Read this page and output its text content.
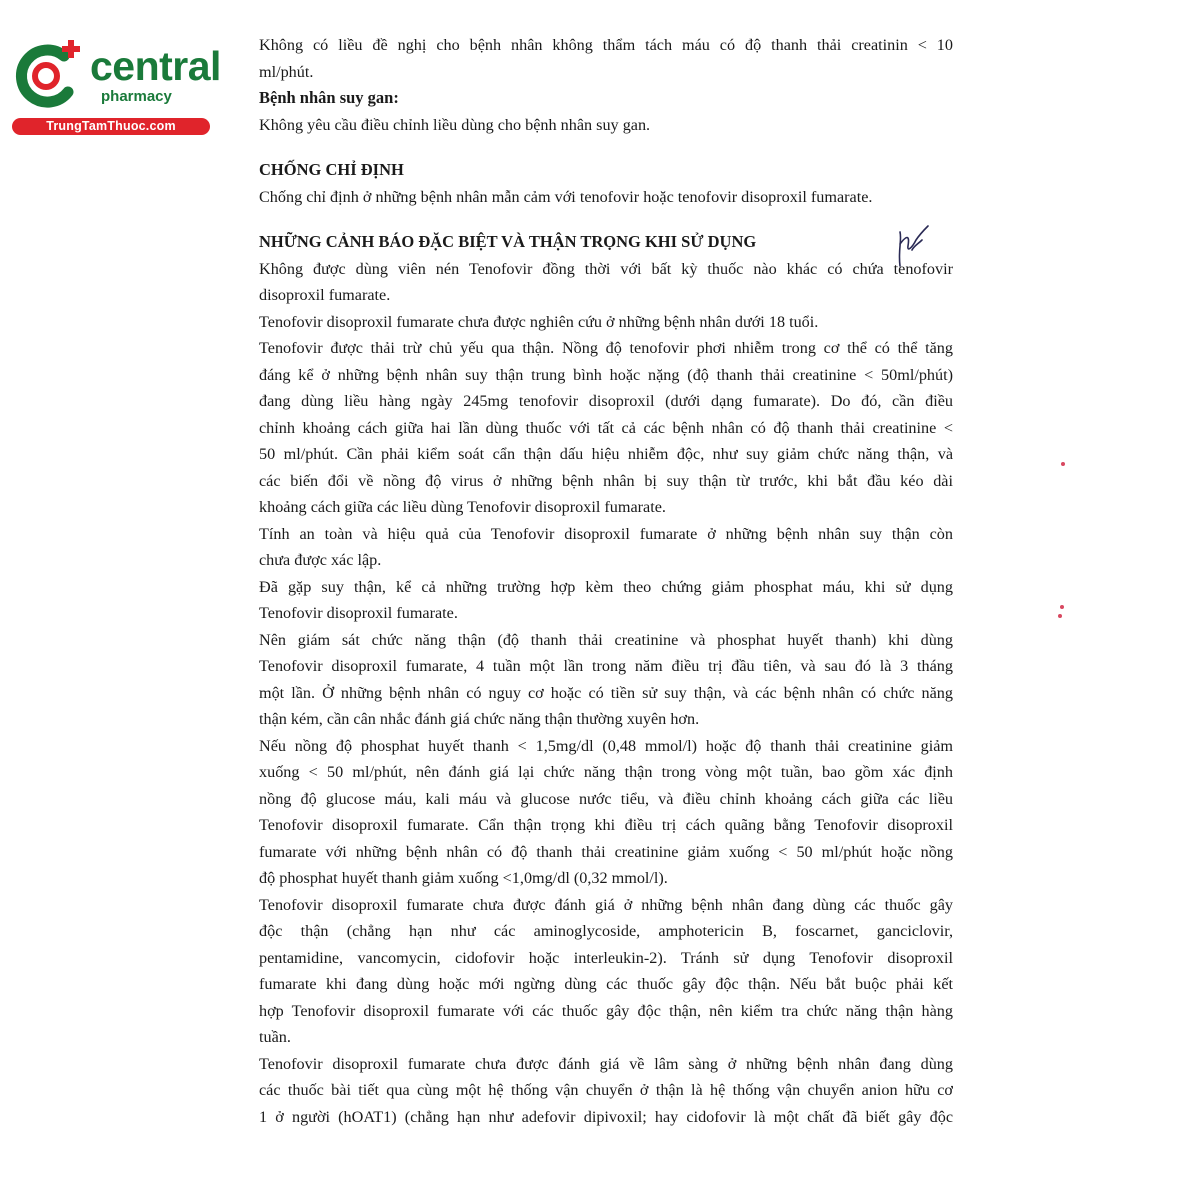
central
pharmacy
TrungTamThuoc.com
Không có liều đề nghị cho bệnh nhân không thẩm tách máu có độ thanh thải creatinin < 10
ml/phút.
Bệnh nhân suy gan:
Không yêu cầu điều chỉnh liều dùng cho bệnh nhân suy gan.
CHỐNG CHỈ ĐỊNH
Chống chỉ định ở những bệnh nhân mẫn cảm với tenofovir hoặc tenofovir disoproxil fumarate.
NHỮNG CẢNH BÁO ĐẶC BIỆT VÀ THẬN TRỌNG KHI SỬ DỤNG
Không được dùng viên nén Tenofovir đồng thời với bất kỳ thuốc nào khác có chứa tenofovir
disoproxil fumarate.
Tenofovir disoproxil fumarate chưa được nghiên cứu ở những bệnh nhân dưới 18 tuổi.
Tenofovir được thải trừ chủ yếu qua thận. Nồng độ tenofovir phơi nhiễm trong cơ thể có thể tăng
đáng kể ở những bệnh nhân suy thận trung bình hoặc nặng (độ thanh thải creatinine < 50ml/phút)
đang dùng liều hàng ngày 245mg tenofovir disoproxil (dưới dạng fumarate). Do đó, cần điều
chỉnh khoảng cách giữa hai lần dùng thuốc với tất cả các bệnh nhân có độ thanh thải creatinine <
50 ml/phút. Cần phải kiểm soát cẩn thận dấu hiệu nhiễm độc, như suy giảm chức năng thận, và
các biến đổi về nồng độ virus ở những bệnh nhân bị suy thận từ trước, khi bắt đầu kéo dài
khoảng cách giữa các liều dùng Tenofovir disoproxil fumarate.
Tính an toàn và hiệu quả của Tenofovir disoproxil fumarate ở những bệnh nhân suy thận còn
chưa được xác lập.
Đã gặp suy thận, kể cả những trường hợp kèm theo chứng giảm phosphat máu, khi sử dụng
Tenofovir disoproxil fumarate.
Nên giám sát chức năng thận (độ thanh thải creatinine và phosphat huyết thanh) khi dùng
Tenofovir disoproxil fumarate, 4 tuần một lần trong năm điều trị đầu tiên, và sau đó là 3 tháng
một lần. Ở những bệnh nhân có nguy cơ hoặc có tiền sử suy thận, và các bệnh nhân có chức năng
thận kém, cần cân nhắc đánh giá chức năng thận thường xuyên hơn.
Nếu nồng độ phosphat huyết thanh < 1,5mg/dl (0,48 mmol/l) hoặc độ thanh thải creatinine giảm
xuống < 50 ml/phút, nên đánh giá lại chức năng thận trong vòng một tuần, bao gồm xác định
nồng độ glucose máu, kali máu và glucose nước tiểu, và điều chỉnh khoảng cách giữa các liều
Tenofovir disoproxil fumarate. Cẩn thận trọng khi điều trị cách quãng bằng Tenofovir disoproxil
fumarate với những bệnh nhân có độ thanh thải creatinine giảm xuống < 50 ml/phút hoặc nồng
độ phosphat huyết thanh giảm xuống <1,0mg/dl (0,32 mmol/l).
Tenofovir disoproxil fumarate chưa được đánh giá ở những bệnh nhân đang dùng các thuốc gây
độc thận (chẳng hạn như các aminoglycoside, amphotericin B, foscarnet, ganciclovir,
pentamidine, vancomycin, cidofovir hoặc interleukin-2). Tránh sử dụng Tenofovir disoproxil
fumarate khi đang dùng hoặc mới ngừng dùng các thuốc gây độc thận. Nếu bắt buộc phải kết
hợp Tenofovir disoproxil fumarate với các thuốc gây độc thận, nên kiểm tra chức năng thận hàng
tuần.
Tenofovir disoproxil fumarate chưa được đánh giá về lâm sàng ở những bệnh nhân đang dùng
các thuốc bài tiết qua cùng một hệ thống vận chuyển ở thận là hệ thống vận chuyển anion hữu cơ
1 ở người (hOAT1) (chẳng hạn như adefovir dipivoxil; hay cidofovir là một chất đã biết gây độc
